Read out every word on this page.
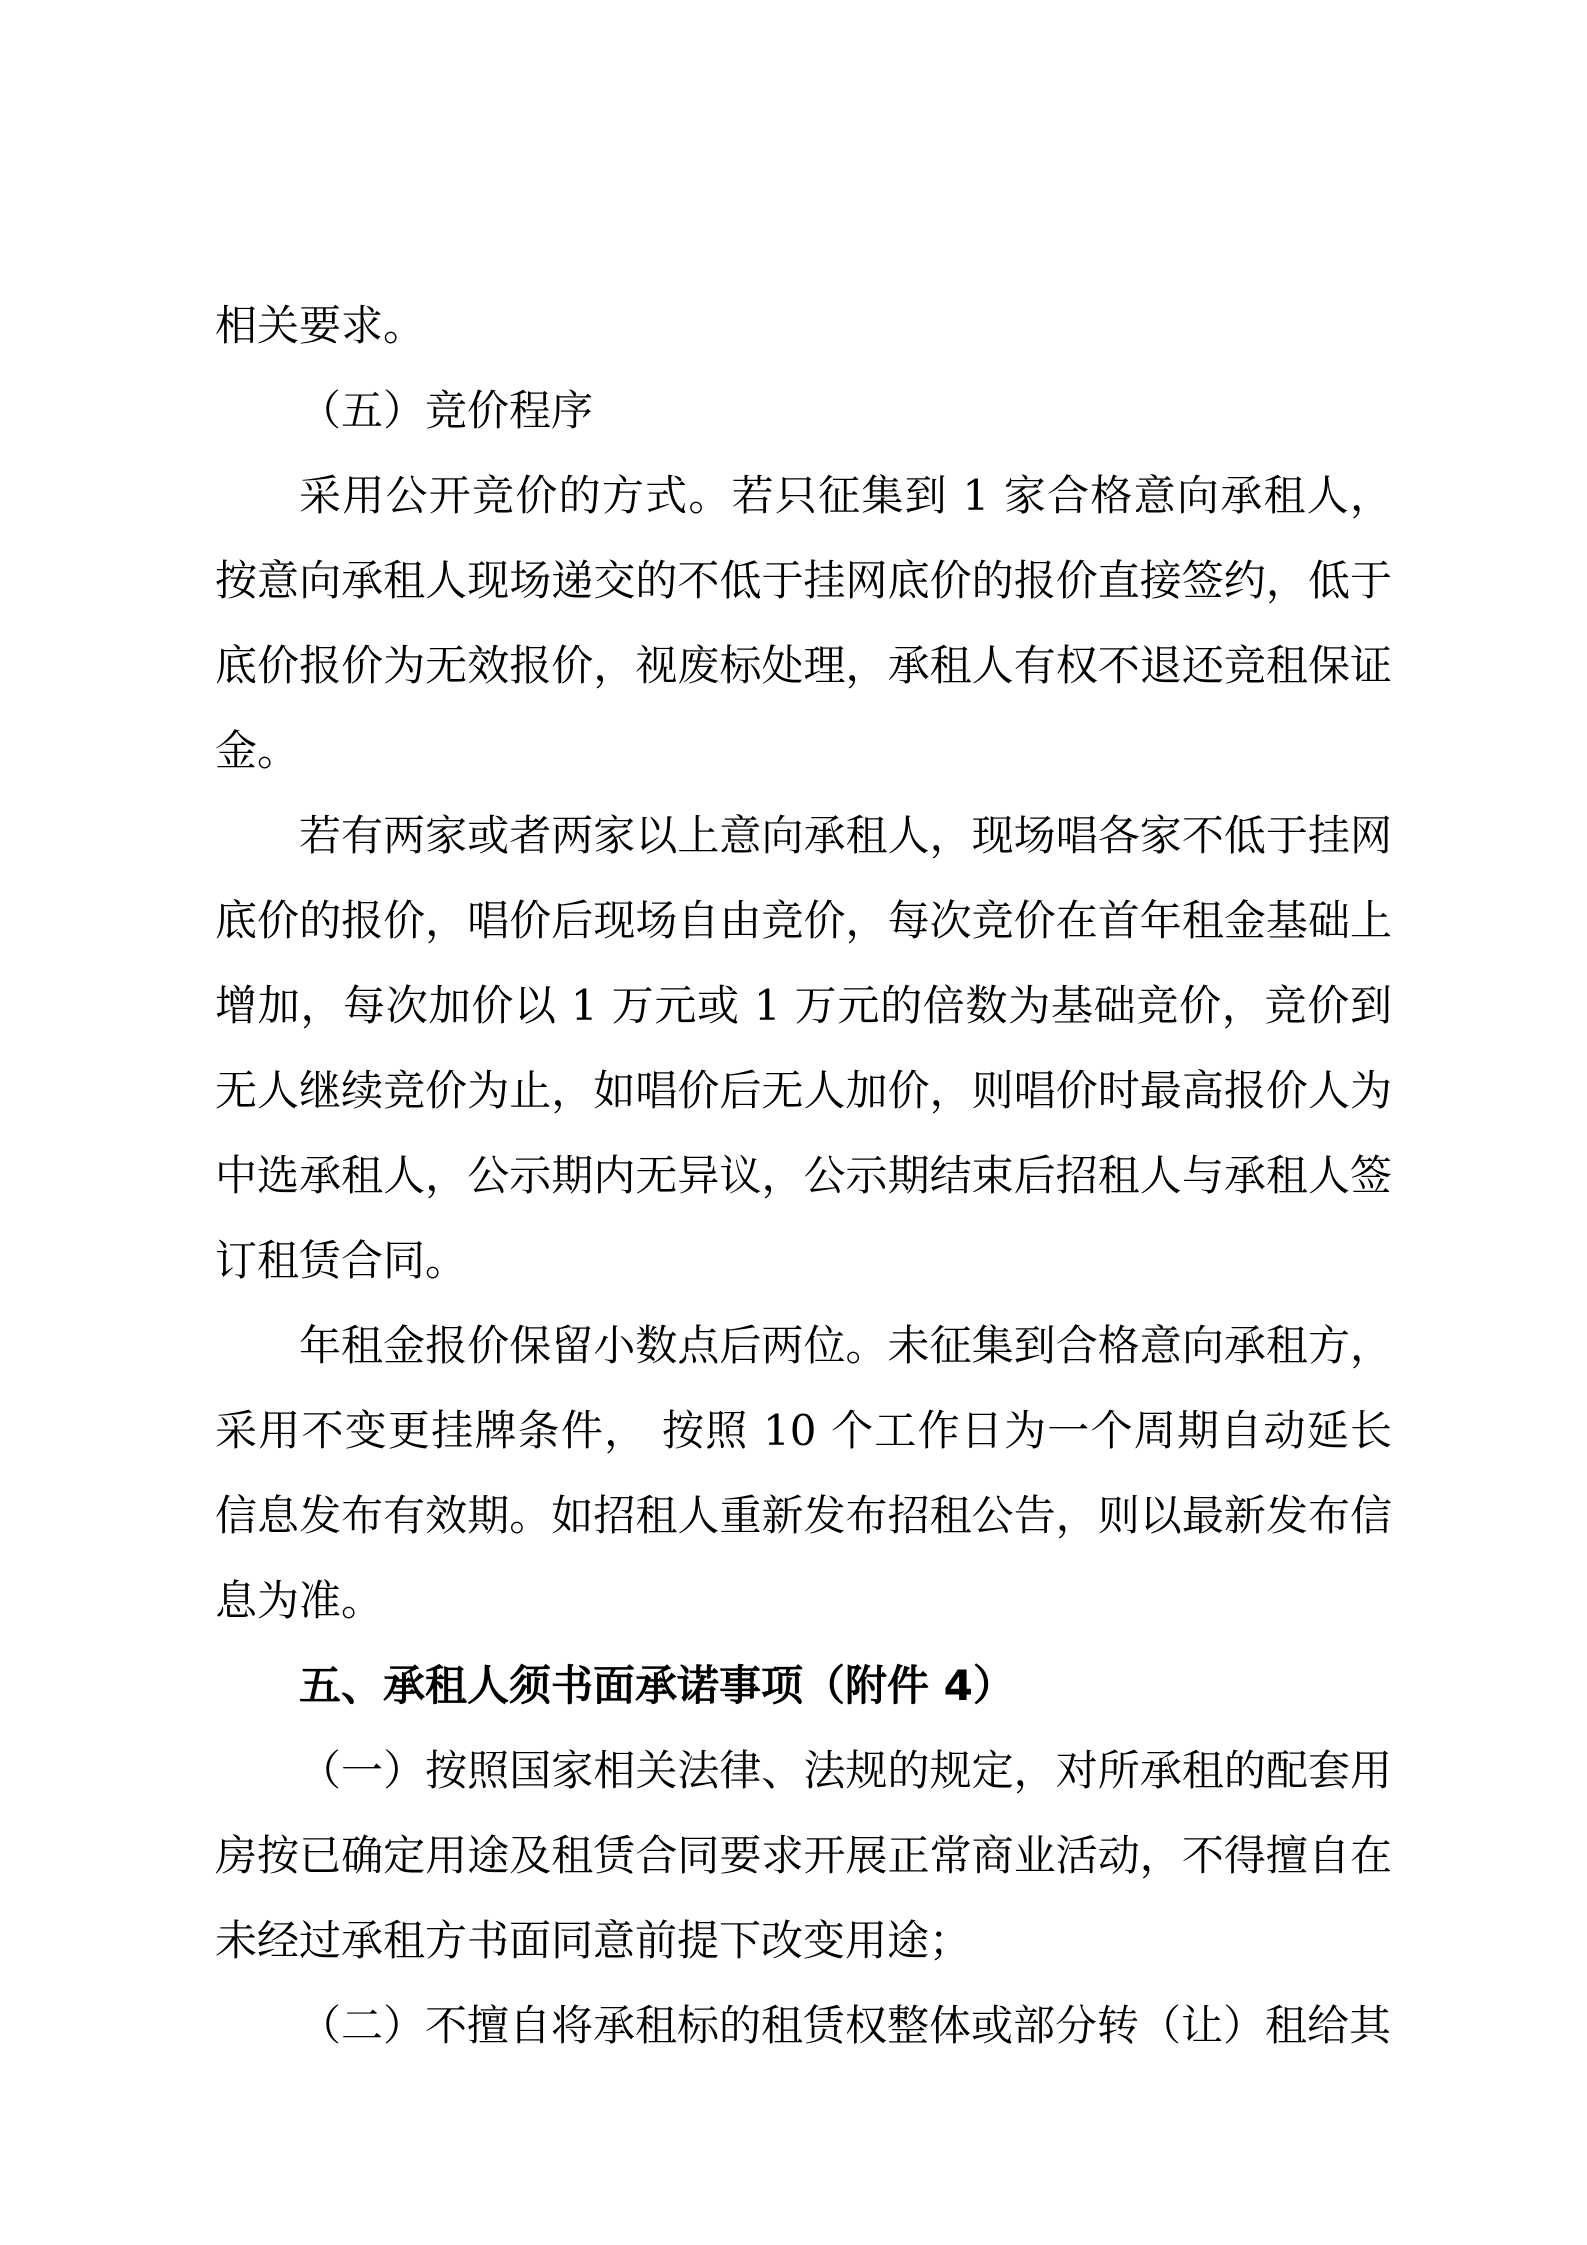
相关要求。

（五）竞价程序

采用公开竞价的方式。若只征集到 1 家合格意向承租人，按意向承租人现场递交的不低于挂网底价的报价直接签约，低于底价报价为无效报价，视废标处理，承租人有权不退还竞租保证金。

若有两家或者两家以上意向承租人，现场唱各家不低于挂网底价的报价，唱价后现场自由竞价，每次竞价在首年租金基础上增加，每次加价以 1 万元或 1 万元的倍数为基础竞价，竞价到无人继续竞价为止，如唱价后无人加价，则唱价时最高报价人为中选承租人，公示期内无异议，公示期结束后招租人与承租人签订租赁合同。

年租金报价保留小数点后两位。未征集到合格意向承租方，采用不变更挂牌条件， 按照 10 个工作日为一个周期自动延长信息发布有效期。如招租人重新发布招租公告，则以最新发布信息为准。

五、承租人须书面承诺事项（附件 4）

（一）按照国家相关法律、法规的规定，对所承租的配套用房按已确定用途及租赁合同要求开展正常商业活动，不得擅自在未经过承租方书面同意前提下改变用途；

（二）不擅自将承租标的租赁权整体或部分转（让）租给其
